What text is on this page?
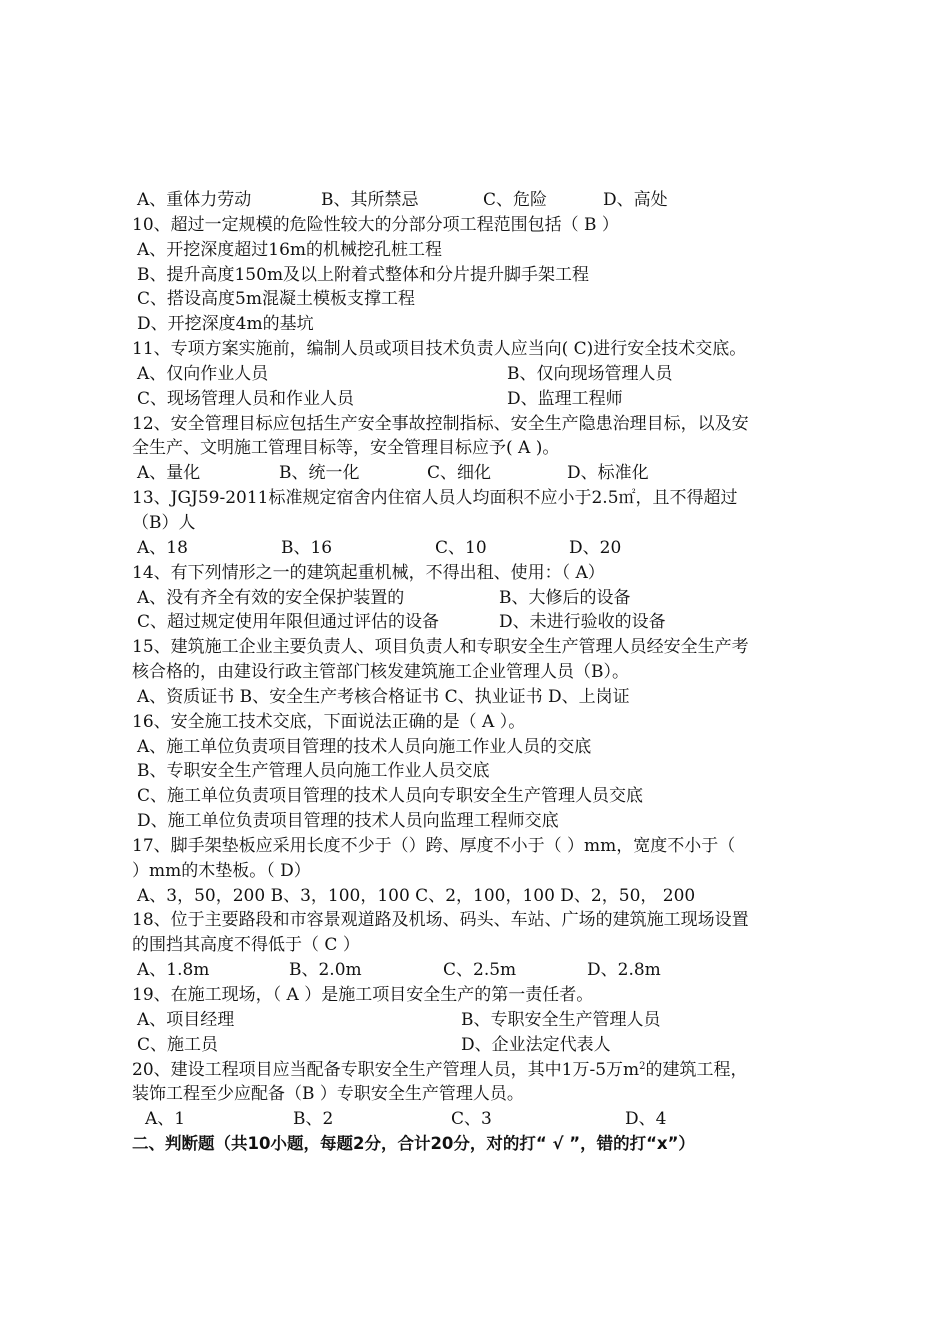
A、重体力劳动	B、其所禁忌	C、危险	D、高处
10、超过一定规模的危险性较大的分部分项工程范围包括（ B ）
A、开挖深度超过16m的机械挖孔桩工程
B、提升高度150m及以上附着式整体和分片提升脚手架工程
C、搭设高度5m混凝土模板支撑工程
D、开挖深度4m的基坑
11、专项方案实施前，编制人员或项目技术负责人应当向( C)进行安全技术交底。
A、仅向作业人员	B、仅向现场管理人员
C、现场管理人员和作业人员	D、监理工程师
12、安全管理目标应包括生产安全事故控制指标、安全生产隐患治理目标，以及安
全生产、文明施工管理目标等，安全管理目标应予( A )。
A、量化	B、统一化	C、细化	D、标准化
13、JGJ59-2011标准规定宿舍内住宿人员人均面积不应小于2.5㎡，且不得超过
（B）人
A、18	B、16	C、10	D、20
14、有下列情形之一的建筑起重机械，不得出租、使用：（ A）
A、没有齐全有效的安全保护装置的	B、大修后的设备
C、超过规定使用年限但通过评估的设备	D、未进行验收的设备
15、建筑施工企业主要负责人、项目负责人和专职安全生产管理人员经安全生产考
核合格的，由建设行政主管部门核发建筑施工企业管理人员（B）。
A、资质证书 B、安全生产考核合格证书 C、执业证书 D、上岗证
16、安全施工技术交底，下面说法正确的是（ A ）。
A、施工单位负责项目管理的技术人员向施工作业人员的交底
B、专职安全生产管理人员向施工作业人员交底
C、施工单位负责项目管理的技术人员向专职安全生产管理人员交底
D、施工单位负责项目管理的技术人员向监理工程师交底
17、脚手架垫板应采用长度不少于（）跨、厚度不小于（ ）mm，宽度不小于（
）mm的木垫板。（ D）
A、3，50，200 B、3，100，100 C、2，100，100 D、2，50， 200
18、位于主要路段和市容景观道路及机场、码头、车站、广场的建筑施工现场设置
的围挡其高度不得低于（ C ）
A、1.8m	B、2.0m	C、2.5m	D、2.8m
19、在施工现场，（ A ）是施工项目安全生产的第一责任者。
A、项目经理	B、专职安全生产管理人员
C、施工员	D、企业法定代表人
20、建设工程项目应当配备专职安全生产管理人员，其中1万-5万$m^2$的建筑工程，
装饰工程至少应配备（B ）专职安全生产管理人员。
A、1	B、2	C、3	D、4
二、判断题（共10小题，每题2分，合计20分，对的打“ √ ”，错的打“x”）
